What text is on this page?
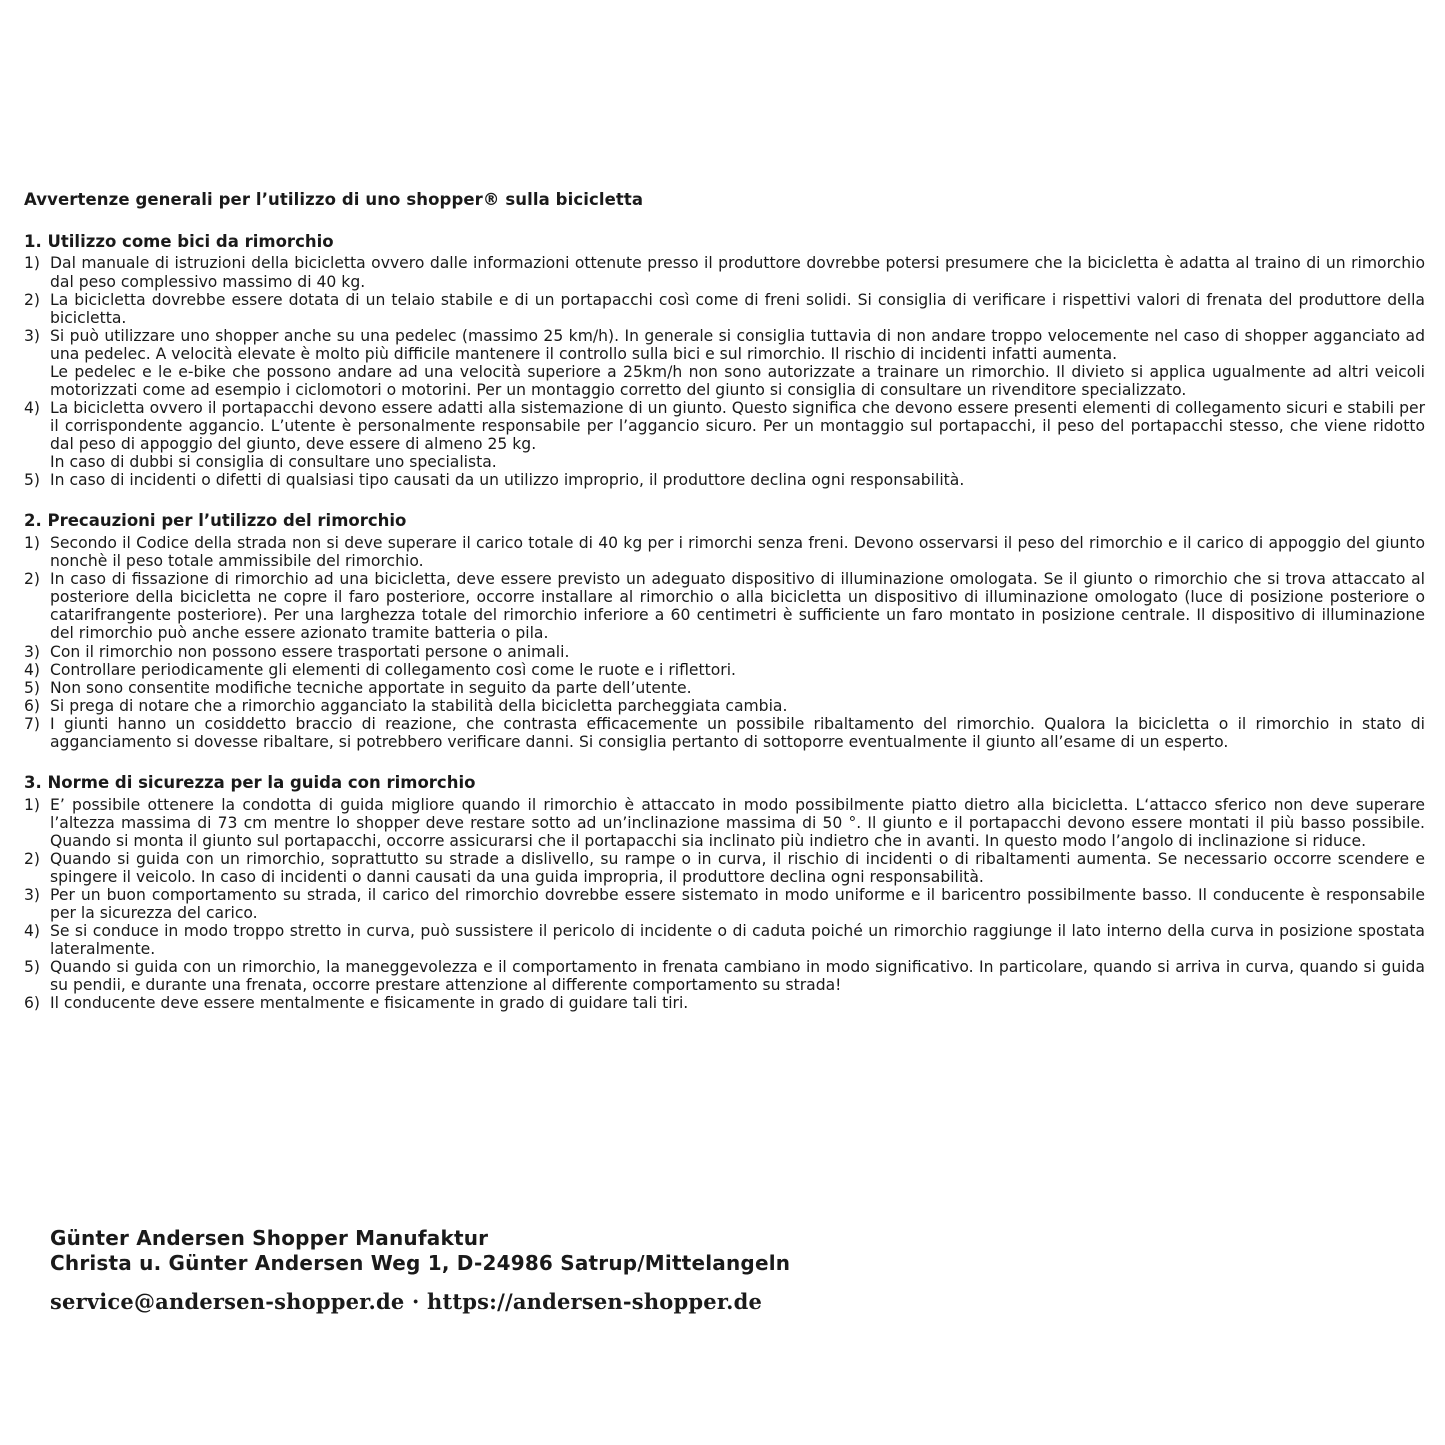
Avvertenze generali per l’utilizzo di uno shopper® sulla bicicletta
1. Utilizzo come bici da rimorchio
1) Dal manuale di istruzioni della bicicletta ovvero dalle informazioni ottenute presso il produttore dovrebbe potersi presumere che la bicicletta è adatta al traino di un rimorchio dal peso complessivo massimo di 40 kg.

2) La bicicletta dovrebbe essere dotata di un telaio stabile e di un portapacchi così come di freni solidi. Si consiglia di verificare i rispettivi valori di frenata del produttore della bicicletta.

3) Si può utilizzare uno shopper anche su una pedelec (massimo 25 km/h). In generale si consiglia tuttavia di non andare troppo velocemente nel caso di shopper agganciato ad una pedelec. A velocità elevate è molto più difficile mantenere il controllo sulla bici e sul rimorchio. Il rischio di incidenti infatti aumenta.

Le pedelec e le e-bike che possono andare ad una velocità superiore a 25km/h non sono autorizzate a trainare un rimorchio. Il divieto si applica ugualmente ad altri veicoli motorizzati come ad esempio i ciclomotori o motorini. Per un montaggio corretto del giunto si consiglia di consultare un rivenditore specializzato.

4) La bicicletta ovvero il portapacchi devono essere adatti alla sistemazione di un giunto. Questo significa che devono essere presenti elementi di collegamento sicuri e stabili per il corrispondente aggancio. L’utente è personalmente responsabile per l’aggancio sicuro. Per un montaggio sul portapacchi, il peso del portapacchi stesso, che viene ridotto dal peso di appoggio del giunto, deve essere di almeno 25 kg.

In caso di dubbi si consiglia di consultare uno specialista.

5) In caso di incidenti o difetti di qualsiasi tipo causati da un utilizzo improprio, il produttore declina ogni responsabilità.

2. Precauzioni per l’utilizzo del rimorchio
1) Secondo il Codice della strada non si deve superare il carico totale di 40 kg per i rimorchi senza freni. Devono osservarsi il peso del rimorchio e il carico di appoggio del giunto nonchè il peso totale ammissibile del rimorchio.

2) In caso di fissazione di rimorchio ad una bicicletta, deve essere previsto un adeguato dispositivo di illuminazione omologata. Se il giunto o rimorchio che si trova attaccato al posteriore della bicicletta ne copre il faro posteriore, occorre installare al rimorchio o alla bicicletta un dispositivo di illuminazione omologato (luce di posizione posteriore o catarifrangente posteriore). Per una larghezza totale del rimorchio inferiore a 60 centimetri è sufficiente un faro montato in posizione centrale. Il dispositivo di illuminazione del rimorchio può anche essere azionato tramite batteria o pila.

3) Con il rimorchio non possono essere trasportati persone o animali.

4) Controllare periodicamente gli elementi di collegamento così come le ruote e i riflettori.

5) Non sono consentite modifiche tecniche apportate in seguito da parte dell’utente.

6) Si prega di notare che a rimorchio agganciato la stabilità della bicicletta parcheggiata cambia.

7) I giunti hanno un cosiddetto braccio di reazione, che contrasta efficacemente un possibile ribaltamento del rimorchio. Qualora la bicicletta o il rimorchio in stato di agganciamento si dovesse ribaltare, si potrebbero verificare danni. Si consiglia pertanto di sottoporre eventualmente il giunto all’esame di un esperto.

3. Norme di sicurezza per la guida con rimorchio
1) E’ possibile ottenere la condotta di guida migliore quando il rimorchio è attaccato in modo possibilmente piatto dietro alla bicicletta. L‘attacco sferico non deve superare l’altezza massima di 73 cm mentre lo shopper deve restare sotto ad un’inclinazione massima di 50 °. Il giunto e il portapacchi devono essere montati il più basso possibile. Quando si monta il giunto sul portapacchi, occorre assicurarsi che il portapacchi sia inclinato più indietro che in avanti. In questo modo l’angolo di inclinazione si riduce.

2) Quando si guida con un rimorchio, soprattutto su strade a dislivello, su rampe o in curva, il rischio di incidenti o di ribaltamenti aumenta. Se necessario occorre scendere e spingere il veicolo. In caso di incidenti o danni causati da una guida impropria, il produttore declina ogni responsabilità.

3) Per un buon comportamento su strada, il carico del rimorchio dovrebbe essere sistemato in modo uniforme e il baricentro possibilmente basso. Il conducente è responsabile per la sicurezza del carico.

4) Se si conduce in modo troppo stretto in curva, può sussistere il pericolo di incidente o di caduta poiché un rimorchio raggiunge il lato interno della curva in posizione spostata lateralmente.

5) Quando si guida con un rimorchio, la maneggevolezza e il comportamento in frenata cambiano in modo significativo. In particolare, quando si arriva in curva, quando si guida su pendii, e durante una frenata, occorre prestare attenzione al differente comportamento su strada!

6) Il conducente deve essere mentalmente e fisicamente in grado di guidare tali tiri.

Günter Andersen Shopper Manufaktur
Christa u. Günter Andersen Weg 1, D-24986 Satrup/Mittelangeln
service@andersen-shopper.de · https://andersen-shopper.de
